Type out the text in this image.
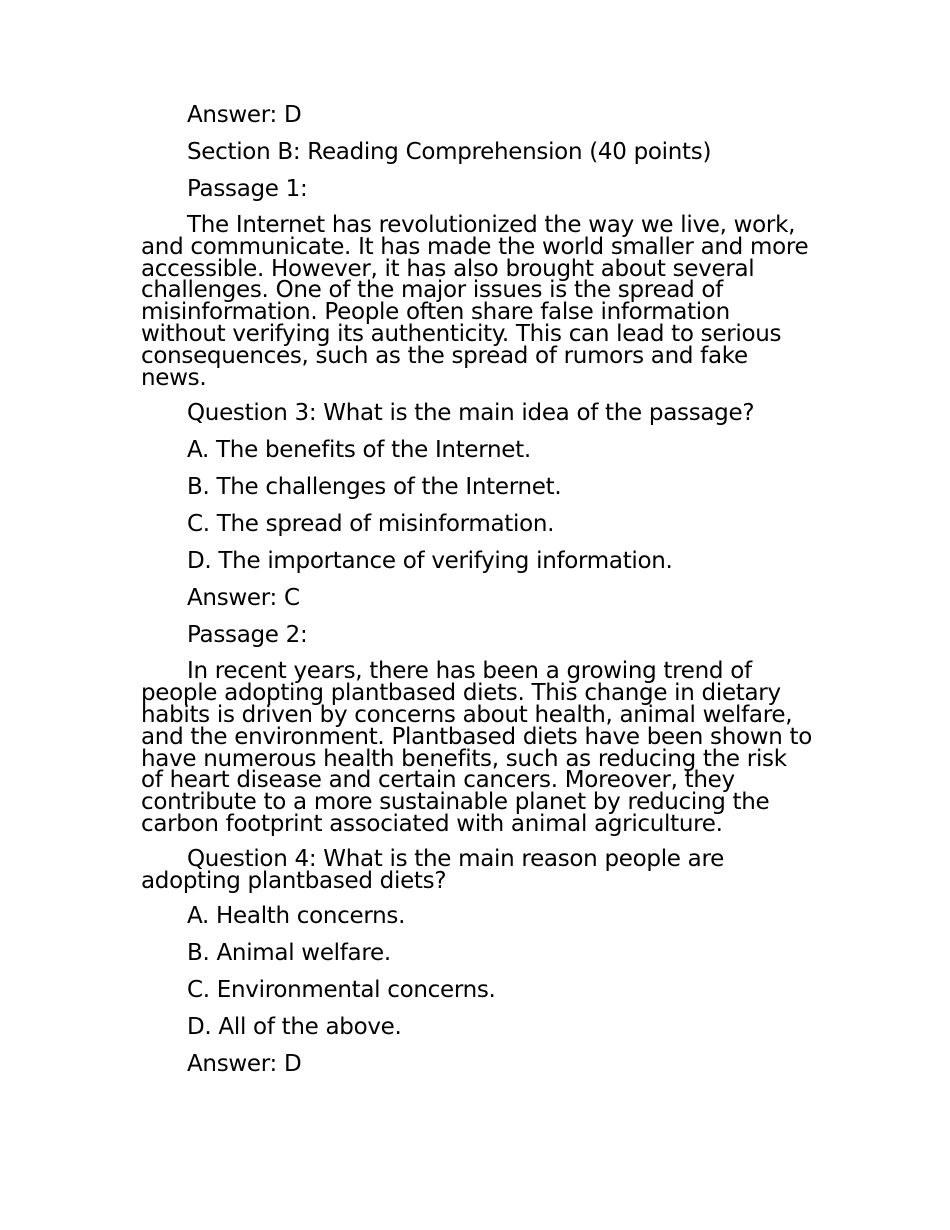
Answer: D

Section B: Reading Comprehension (40 points)

Passage 1:

The Internet has revolutionized the way we live, work, and communicate. It has made the world smaller and more accessible. However, it has also brought about several challenges. One of the major issues is the spread of misinformation. People often share false information without verifying its authenticity. This can lead to serious consequences, such as the spread of rumors and fake news.

Question 3: What is the main idea of the passage?

A. The benefits of the Internet.

B. The challenges of the Internet.

C. The spread of misinformation.

D. The importance of verifying information.

Answer: C

Passage 2:

In recent years, there has been a growing trend of people adopting plantbased diets. This change in dietary habits is driven by concerns about health, animal welfare, and the environment. Plantbased diets have been shown to have numerous health benefits, such as reducing the risk of heart disease and certain cancers. Moreover, they contribute to a more sustainable planet by reducing the carbon footprint associated with animal agriculture.

Question 4: What is the main reason people are adopting plantbased diets?

A. Health concerns.

B. Animal welfare.

C. Environmental concerns.

D. All of the above.

Answer: D
